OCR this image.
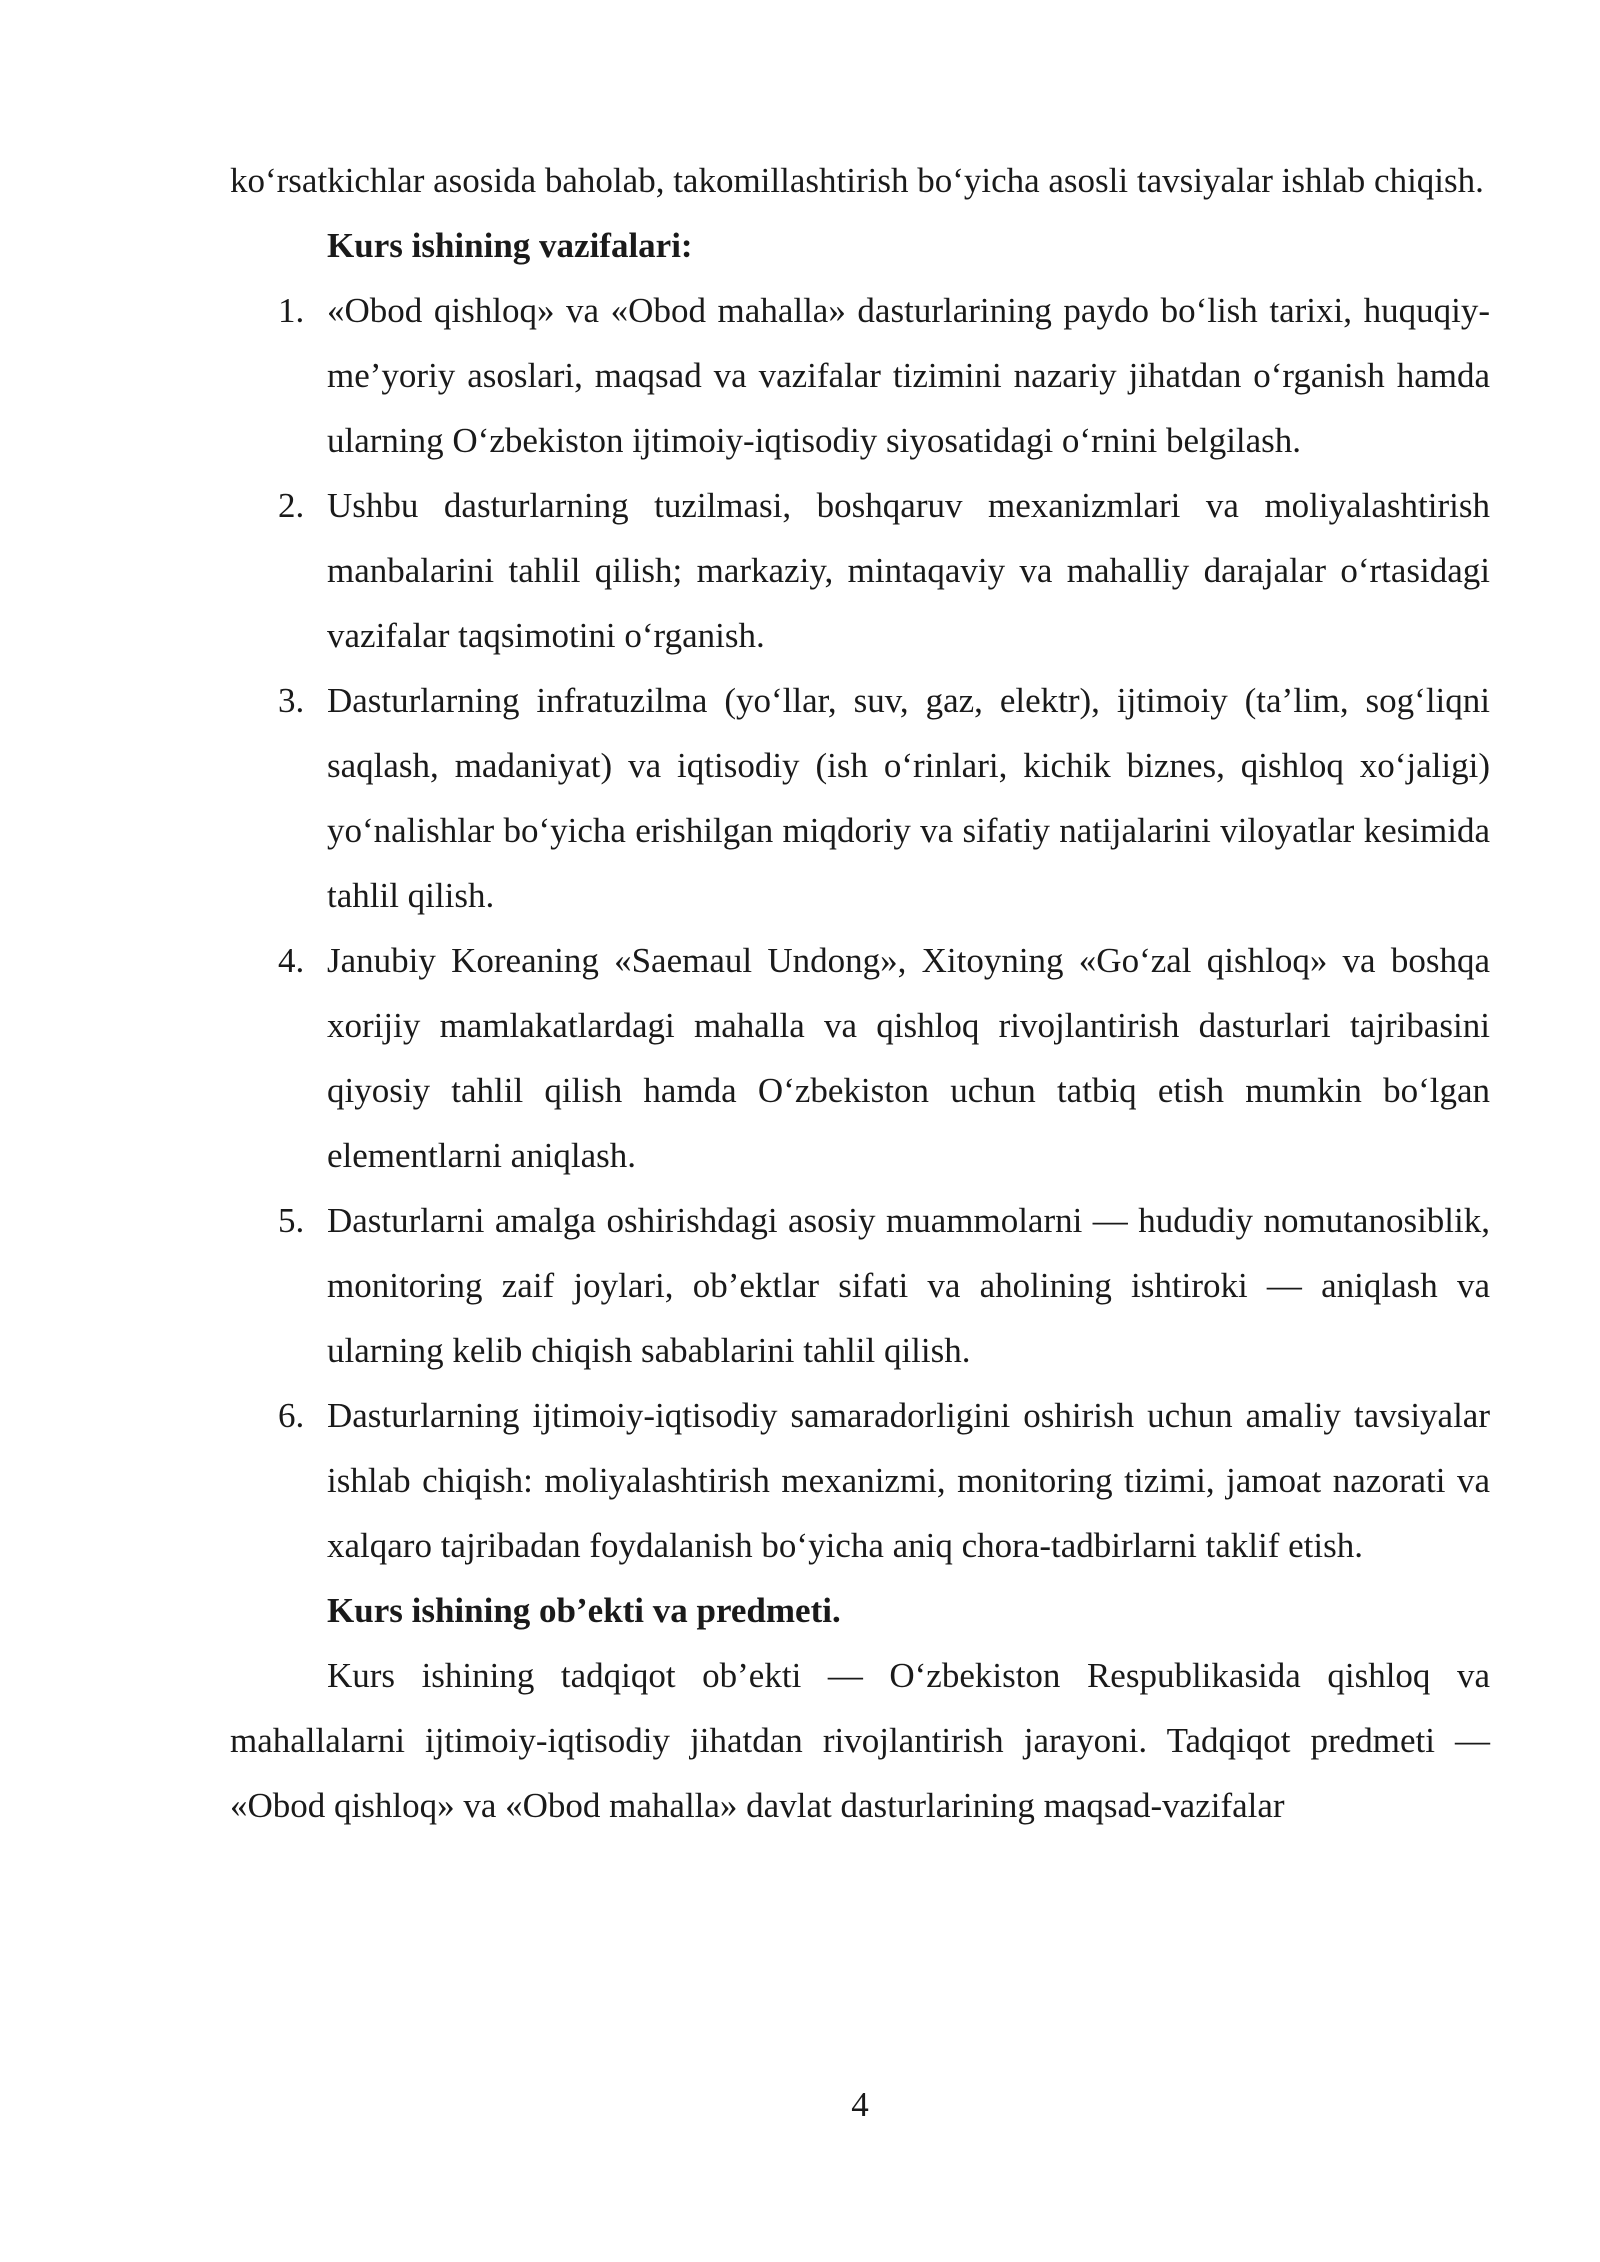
ko‘rsatkichlar asosida baholab, takomillashtirish bo‘yicha asosli tavsiyalar ishlab chiqish.

Kurs ishining vazifalari:

1. «Obod qishloq» va «Obod mahalla» dasturlarining paydo bo‘lish tarixi, huquqiy-me’yoriy asoslari, maqsad va vazifalar tizimini nazariy jihatdan o‘rganish hamda ularning O‘zbekiston ijtimoiy-iqtisodiy siyosatidagi o‘rnini belgilash.
2. Ushbu dasturlarning tuzilmasi, boshqaruv mexanizmlari va moliyalashtirish manbalarini tahlil qilish; markaziy, mintaqaviy va mahalliy darajalar o‘rtasidagi vazifalar taqsimotini o‘rganish.
3. Dasturlarning infratuzilma (yo‘llar, suv, gaz, elektr), ijtimoiy (ta’lim, sog‘liqni saqlash, madaniyat) va iqtisodiy (ish o‘rinlari, kichik biznes, qishloq xo‘jaligi) yo‘nalishlar bo‘yicha erishilgan miqdoriy va sifatiy natijalarini viloyatlar kesimida tahlil qilish.
4. Janubiy Koreaning «Saemaul Undong», Xitoyning «Go‘zal qishloq» va boshqa xorijiy mamlakatlardagi mahalla va qishloq rivojlantirish dasturlari tajribasini qiyosiy tahlil qilish hamda O‘zbekiston uchun tatbiq etish mumkin bo‘lgan elementlarni aniqlash.
5. Dasturlarni amalga oshirishdagi asosiy muammolarni — hududiy nomutanosiblik, monitoring zaif joylari, ob’ektlar sifati va aholining ishtiroki — aniqlash va ularning kelib chiqish sabablarini tahlil qilish.
6. Dasturlarning ijtimoiy-iqtisodiy samaradorligini oshirish uchun amaliy tavsiyalar ishlab chiqish: moliyalashtirish mexanizmi, monitoring tizimi, jamoat nazorati va xalqaro tajribadan foydalanish bo‘yicha aniq chora-tadbirlarni taklif etish.

Kurs ishining ob’ekti va predmeti.

Kurs ishining tadqiqot ob’ekti — O‘zbekiston Respublikasida qishloq va mahallalarni ijtimoiy-iqtisodiy jihatdan rivojlantirish jarayoni. Tadqiqot predmeti — «Obod qishloq» va «Obod mahalla» davlat dasturlarining maqsad-vazifalar

4
